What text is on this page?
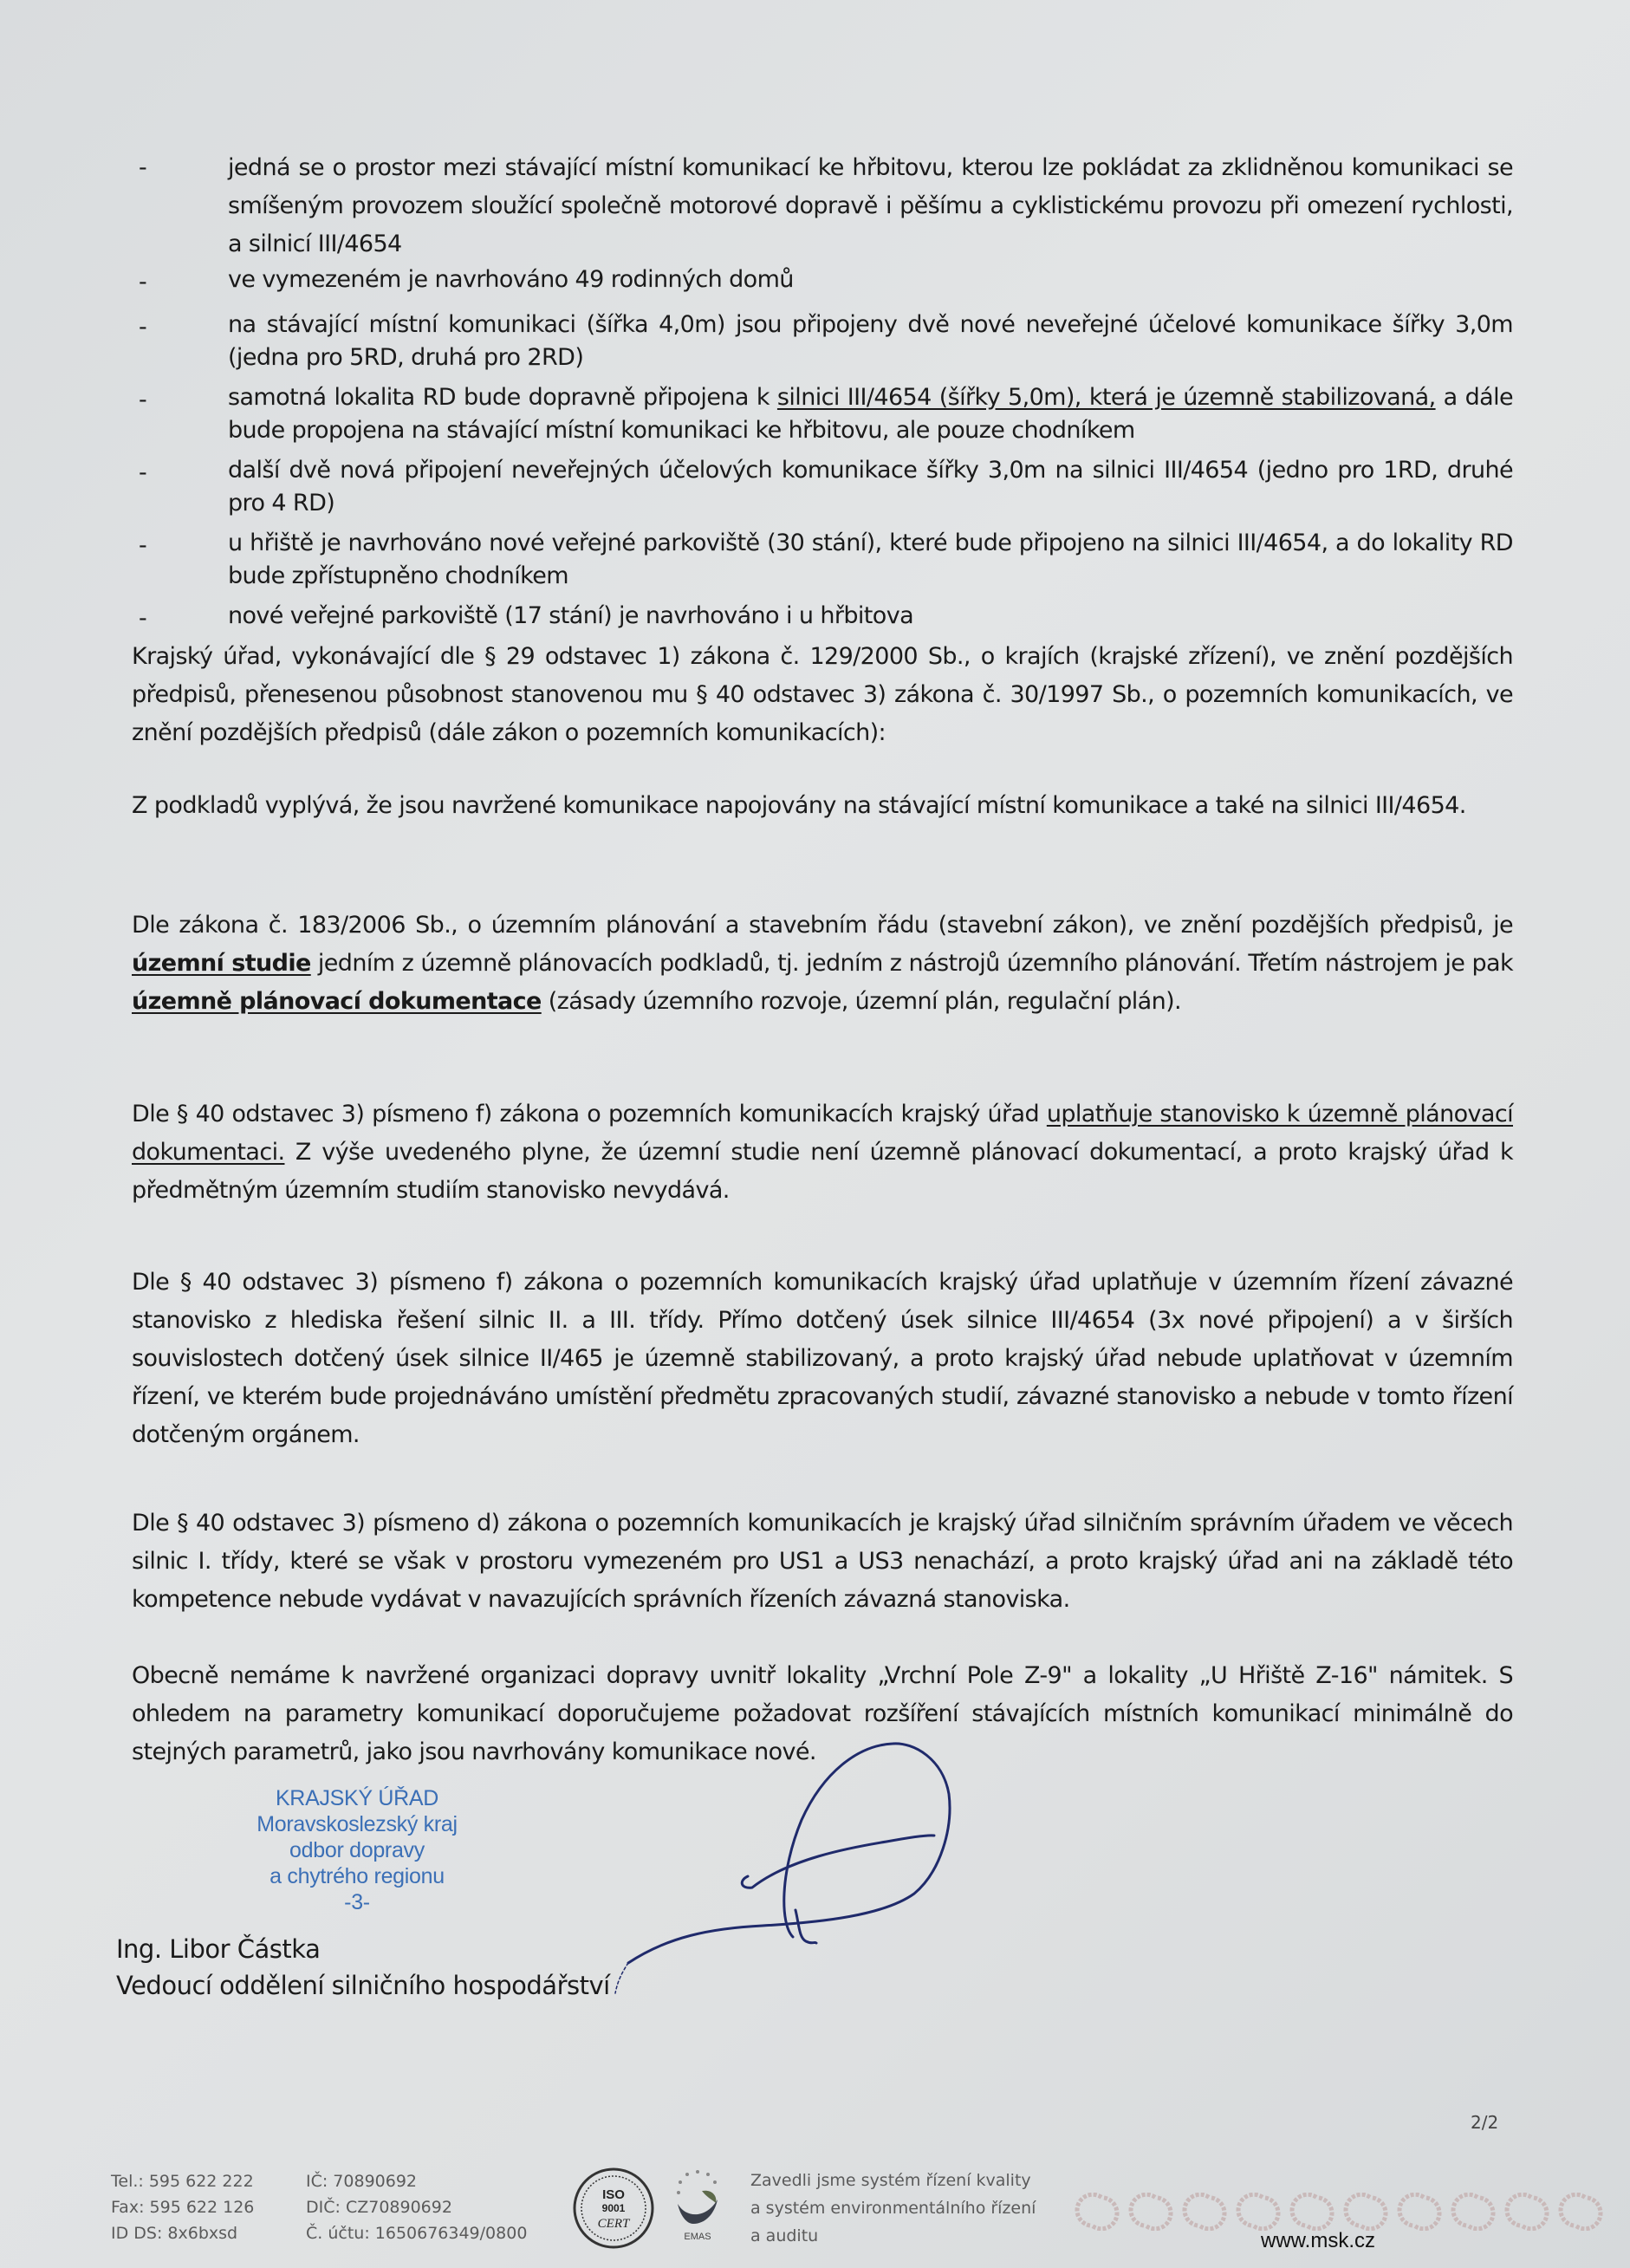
-	jedná se o prostor mezi stávající místní komunikací ke hřbitovu, kterou lze pokládat za zklidněnou komunikaci se smíšeným provozem sloužící společně motorové dopravě i pěšímu a cyklistickému provozu při omezení rychlosti, a silnicí III/4654
-	ve vymezeném je navrhováno 49 rodinných domů
-	na stávající místní komunikaci (šířka 4,0m) jsou připojeny dvě nové neveřejné účelové komunikace šířky 3,0m (jedna pro 5RD, druhá pro 2RD)
-	samotná lokalita RD bude dopravně připojena k silnici III/4654 (šířky 5,0m), která je územně stabilizovaná, a dále bude propojena na stávající místní komunikaci ke hřbitovu, ale pouze chodníkem
-	další dvě nová připojení neveřejných účelových komunikace šířky 3,0m na silnici III/4654 (jedno pro 1RD, druhé pro 4 RD)
-	u hřiště je navrhováno nové veřejné parkoviště (30 stání), které bude připojeno na silnici III/4654, a do lokality RD bude zpřístupněno chodníkem
-	nové veřejné parkoviště (17 stání) je navrhováno i u hřbitova
Krajský úřad, vykonávající dle § 29 odstavec 1) zákona č. 129/2000 Sb., o krajích (krajské zřízení), ve znění pozdějších předpisů, přenesenou působnost stanovenou mu § 40 odstavec 3) zákona č. 30/1997 Sb., o pozemních komunikacích, ve znění pozdějších předpisů (dále zákon o pozemních komunikacích):
Z podkladů vyplývá, že jsou navržené komunikace napojovány na stávající místní komunikace a také na silnici III/4654.
Dle zákona č. 183/2006 Sb., o územním plánování a stavebním řádu (stavební zákon), ve znění pozdějších předpisů, je územní studie jedním z územně plánovacích podkladů, tj. jedním z nástrojů územního plánování. Třetím nástrojem je pak územně plánovací dokumentace (zásady územního rozvoje, územní plán, regulační plán).
Dle § 40 odstavec 3) písmeno f) zákona o pozemních komunikacích krajský úřad uplatňuje stanovisko k územně plánovací dokumentaci. Z výše uvedeného plyne, že územní studie není územně plánovací dokumentací, a proto krajský úřad k předmětným územním studiím stanovisko nevydává.
Dle § 40 odstavec 3) písmeno f) zákona o pozemních komunikacích krajský úřad uplatňuje v územním řízení závazné stanovisko z hlediska řešení silnic II. a III. třídy. Přímo dotčený úsek silnice III/4654 (3x nové připojení) a v širších souvislostech dotčený úsek silnice II/465 je územně stabilizovaný, a proto krajský úřad nebude uplatňovat v územním řízení, ve kterém bude projednáváno umístění předmětu zpracovaných studií, závazné stanovisko a nebude v tomto řízení dotčeným orgánem.
Dle § 40 odstavec 3) písmeno d) zákona o pozemních komunikacích je krajský úřad silničním správním úřadem ve věcech silnic I. třídy, které se však v prostoru vymezeném pro US1 a US3 nenachází, a proto krajský úřad ani na základě této kompetence nebude vydávat v navazujících správních řízeních závazná stanoviska.
Obecně nemáme k navržené organizaci dopravy uvnitř lokality „Vrchní Pole Z-9" a lokality „U Hřiště Z-16" námitek. S ohledem na parametry komunikací doporučujeme požadovat rozšíření stávajících místních komunikací minimálně do stejných parametrů, jako jsou navrhovány komunikace nové.
KRAJSKÝ ÚŘAD
Moravskoslezský kraj
odbor dopravy
a chytrého regionu
-3-
Ing. Libor Částka
Vedoucí oddělení silničního hospodářství
2/2
Tel.: 595 622 222
Fax: 595 622 126
ID DS: 8x6bxsd
IČ: 70890692
DIČ: CZ70890692
Č. účtu: 1650676349/0800
ISO
9001
CERT
EMAS
Zavedli jsme systém řízení kvality
a systém environmentálního řízení
a auditu	www.msk.cz
